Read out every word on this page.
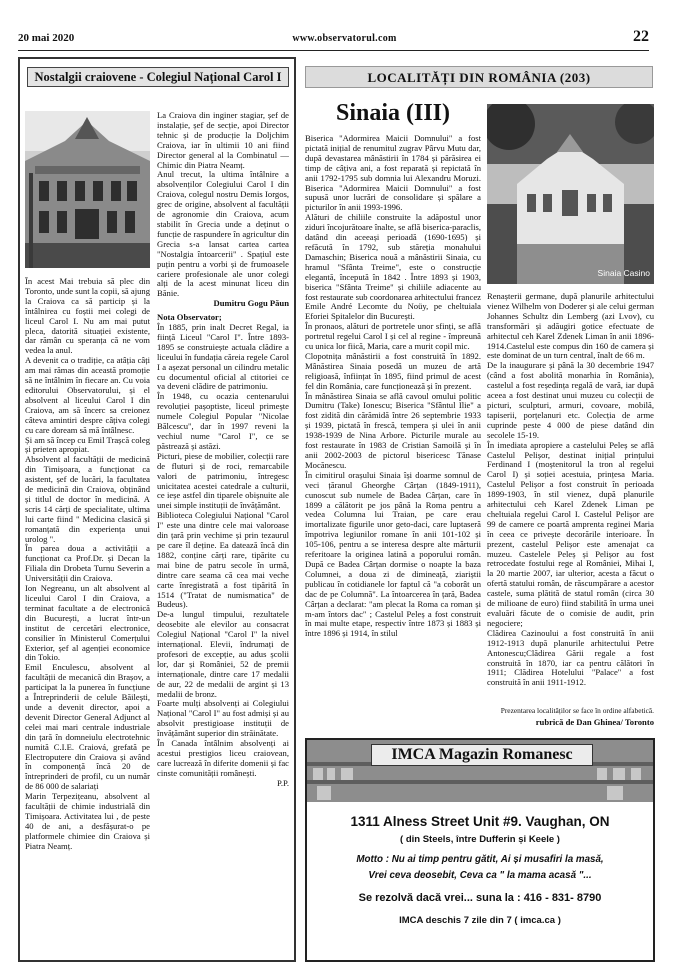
20 mai 2020	www.observatorul.com	22
Nostalgii craiovene - Colegiul Național Carol I

În acest Mai trebuia să plec din Toronto, unde sunt la copii, să ajung la Craiova ca să particip și la întâlnirea cu foștii mei colegi de liceul Carol I. Nu am mai putut pleca, datorită situației existente, dar rămân cu speranța că ne vom vedea la anul.

A devenit ca o tradiție, ca atâția câți am mai rămas din această promoție să ne întâlnim în fiecare an. Cu voia editorului Observatorului, și el absolvent al liceului Carol I din Craiova, am să încerc sa creionez câteva amintiri despre câțiva colegi cu care doream să mă întâlnesc.

Și am să încep cu Emil Trașcă coleg și prieten apropiat.

Absolvent al facultății de medicină din Timișoara, a funcționat ca asistent, șef de lucări, la facultatea de medicină din Craiova, obținând și titlul de doctor în medicină. A scris 14 cărți de specialitate, ultima lui carte fiind " Medicina clasică și romanțată din experiența unui urolog ".

În parea doua a activității a funcționat ca Prof.Dr. și Decan la Filiala din Drobeta Turnu Severin a Universității din Craiova.

Ion Negreanu, un alt absolvent al liceului Carol I din Craiova, a terminat facultate a de electronică din București, a lucrat într-un institut de cercetări electronice, consilier în Ministerul Comerțului Exterior, șef al agenției economice din Tokio.

Emil Enculescu, absolvent al facultății de mecanică din Brașov, a participat la la punerea în funcțiune a Întreprinderii de celule Băilești, unde a devenit director, apoi a devenit Director General Adjunct al celei mai mari centrale industriale din țară în domneiulu electrotehnic numită C.I.E. Craiová, grefată pe Electroputere din Craiova și având în componență încă 20 de întreprinderi de profil, cu un număr de 86 000 de salariați

Marin Terpezițeanu, absolvent al facultății de chimie industrială din Timișoara. Activitatea lui , de peste 40 de ani, a desfășurat-o pe platformele chimiee din Craiova și Piatra Neamț.

La Craiova din inginer stagiar, șef de instalație, șef de secție, apoi Director tehnic și de producție la Doljchim Craiova, iar în ultimii 10 ani fiind Director general al la Combinatul — Chimic din Piatra Neamț.

Anul trecut, la ultima întâlnire a absolvenților Colegiului Carol I din Craiova, colegul nostru Demis Iorgos, grec de origine, absolvent al facultății de agronomie din Craiova, acum stabilit în Grecia unde a deținut o funcție de raspundere în agricultur din Grecia s-a lansat cartea cartea "Nostalgia întoarcerii" . Spațiul este puțin pentru a vorbi și de frumoasele cariere profesionale ale unor colegi alți de la acest minunat liceu din Bănie.

Dumitru Gogu Păun

Nota Observator;

În 1885, prin inalt Decret Regal, ia ființă Liceul "Carol I". Între 1893-1895 se construiește actuala clădire a liceului în fundația căreia regele Carol I a așezat personal un cilindru metalic cu documentul oficial al ctitoriei ce va deveni clădire de patrimoniu.

În 1948, cu ocazia centenarului revoluției pașoptiste, liceul primește numele Colegiul Popular "Nicolae Bălcescu", dar în 1997 reveni la vechiul nume "Carol I", ce se păstrează și astăzi.

Picturi, piese de mobilier, colecții rare de fluturi și de roci, remarcabile valori de patrimoniu, întregesc unicitatea acestei catedrale a culturii, ce ieșe astfel din tiparele obișnuite ale unei simple instituții de învățământ.

Biblioteca Colegiului Național "Carol I" este una dintre cele mai valoroase din țară prin vechime și prin tezaurul pe care îl deține. Ea datează încă din 1882, conține cărți rare, tipărite cu mai bine de patru secole în urmă, dintre care seama că cea mai veche carte înregistrată a fost tipărită în 1514 ("Tratat de numismatica" de Budeus).

De-a lungul timpului, rezultatele deosebite ale elevilor au consacrat Colegiul Național "Carol I" la nivel internațional. Elevii, îndrumați de profesori de excepție, au adus școlii lor, dar și României, 52 de premii internaționale, dintre care 17 medalii de aur, 22 de medalii de argint și 13 medalii de bronz.

Foarte mulți absolvenți ai Colegiului Național "Carol I" au fost admiși și au absolvit prestigioase instituții de învățământ superior din străinătate.

În Canada întâlnim absolvenți ai acestui prestigios liceu craiovean, care lucrează în diferite domenii și fac cinste comunității românești.

P.P.

LOCALITĂȚI DIN ROMÂNIA (203)
Sinaia (III)
Sinaia Casino

Biserica "Adormirea Maicii Domnului" a fost pictată inițial de renumitul zugrav Pârvu Mutu dar, după devastarea mânăstirii în 1784 și părăsirea ei timp de câțiva ani, a fost reparată și repictată în anii 1792-1795 sub domnia lui Alexandru Moruzi. Biserica "Adormirea Maicii Domnului" a fost supusă unor lucrări de consolidare și spălare a picturilor în anii 1993-1996.

Alături de chiliile construite la adăpostul unor ziduri încojurătoare înalte, se află biserica-paraclis, datând din aceeași perioadă (1690-1695) și refăcută în 1792, sub stăreția monahului Damaschin; Biserica nouă a mânăstirii Sinaia, cu hramul "Sfânta Treime", este o construcție elegantă, începută în 1842 . Între 1893 și 1903, biserica "Sfânta Treime" și chiliile adiacente au fost restaurate sub coordonarea arhitectului francez Emile André Lecomte du Noüy, pe cheltuiala Eforiei Spitalelor din București.

În pronaos, alături de portretele unor sfinți, se află portretul regelui Carol I și cel al regine - împreună cu unica lor fiică, Maria, care a murit copil mic.

Clopotnița mânăstirii a fost construită în 1892. Mânăstirea Sinaia posedă un muzeu de artă religioasă, înființat în 1895, fiind primul de acest fel din România, care funcționează și în prezent.

În mânăstirea Sinaia se află cavoul omului politic Dumitru (Take) Ionescu; Biserica "Sfântul Ilie" a fost zidită din cărămidă între 26 septembrie 1933 și 1939, pictată în frescă, tempera și ulei în anii 1938-1939 de Nina Arbore. Picturile murale au fost restaurate în 1983 de Cristian Samoilă și în anii 2002-2003 de pictorul bisericesc Tănase Mocănescu.

În cimitirul orașului Sinaia își doarme somnul de veci țăranul Gheorghe Cârțan (1849-1911), cunoscut sub numele de Badea Cârțan, care în 1899 a călătorit pe jos până la Roma pentru a vedea Columna lui Traian, pe care erau imortalizate figurile unor geto-daci, care luptaseră împotriva legiunilor romane în anii 101-102 și 105-106, pentru a se interesa despre alte mărturii referitoare la originea latină a poporului român. După ce Badea Cârțan dormise o noapte la baza Columnei, a doua zi de dimineață, ziariștii publicau în cotidianele lor faptul că "a coborât un dac de pe Columnă". La întoarcerea în țară, Badea Cârțan a declarat: "am plecat la Roma ca roman și m-am întors dac" ; Castelul Peleș a fost construit în mai multe etape, respectiv între 1873 și 1883 și între 1896 și 1914, în stilul

Renașterii germane, după planurile arhitectului vienez Wilhelm von Doderer și ale celui german Johannes Schultz din Lemberg (azi Lvov), cu transformări și adăugiri gotice efectuate de arhitectul ceh Karel Zdenek Liman în anii 1896-1914.Castelul este compus din 160 de camera și este dominat de un turn central, înalt de 66 m.

De la inaugurare și până la 30 decembrie 1947 (când a fost abolită monarhia în România), castelul a fost reședința regală de vară, iar după aceea a fost destinat unui muzeu cu colecții de picturi, sculpturi, armuri, covoare, mobilă, tapiserii, porțelanuri etc. Colecția de arme cuprinde peste 4 000 de piese datând din secolele 15-19.

În imediata apropiere a castelului Peleș se află Castelul Pelișor, destinat inițial prințului Ferdinand I (moștenitorul la tron al regelui Carol I) și soției acestuia, prințesa Maria. Castelul Pelișor a fost construit în perioada 1899-1903, în stil vienez, după planurile arhitectului ceh Karel Zdenek Liman pe cheltuiala regelui Carol I. Castelul Pelișor are 99 de camere ce poartă amprenta reginei Maria în ceea ce privește decorările interioare. În prezent, castelul Pelișor este amenajat ca muzeu. Castelele Peleș și Pelișor au fost retrocedate fostului rege al României, Mihai I, la 20 martie 2007, iar ulterior, acesta a făcut o ofertă statului român, de răscumpărare a acestor castele, suma plătită de statul român (circa 30 de milioane de euro) fiind stabilită în urma unei evaluări făcute de o comisie de audit, prin negociere;

Clădirea Cazinoului a fost construită în anii 1912-1913 după planurile arhitectului Petre Antonescu;Clădirea Gării regale a fost construită în 1870, iar ca pentru călători în 1911; Clădirea Hotelului "Palace" a fost construită în anii 1911-1912.

Prezentarea localităților se face în ordine alfabetică.
rubrică de Dan Ghinea/ Toronto
IMCA Magazin Romanesc
1311 Alness Street Unit #9. Vaughan, ON
( din Steels, între Dufferin și Keele )
Motto : Nu ai timp pentru gătit, Ai și musafiri la masă,
Vrei ceva deosebit, Ceva ca " la mama acasă "...
Se rezolvă dacă vrei... suna la : 416 - 831- 8790
IMCA deschis 7 zile din 7 ( imca.ca )
